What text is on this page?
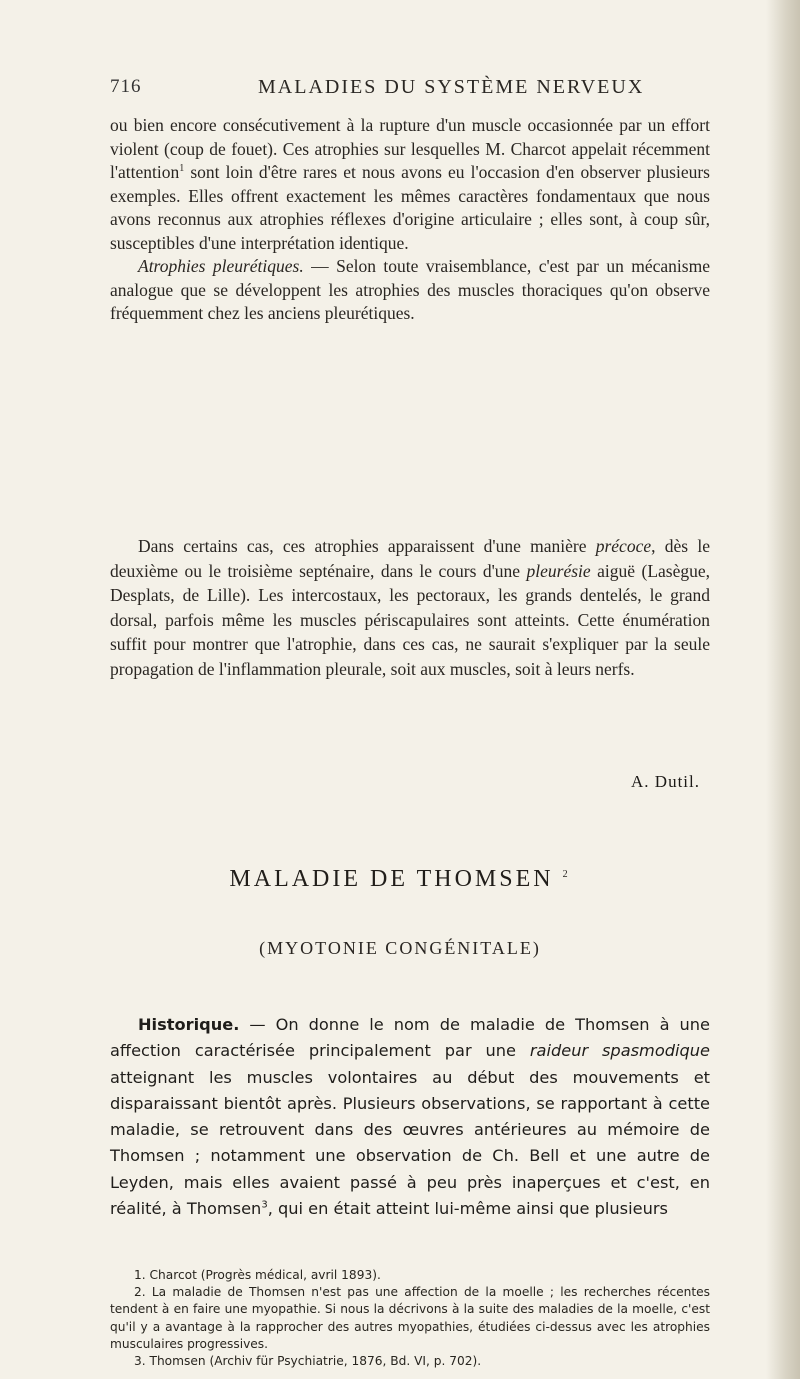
716	MALADIES DU SYSTÈME NERVEUX

ou bien encore consécutivement à la rupture d'un muscle occasionnée par un effort violent (coup de fouet). Ces atrophies sur lesquelles M. Charcot appelait récemment l'attention$^1$ sont loin d'être rares et nous avons eu l'occasion d'en observer plusieurs exemples. Elles offrent exactement les mêmes caractères fondamentaux que nous avons reconnus aux atrophies réflexes d'origine articulaire ; elles sont, à coup sûr, susceptibles d'une interprétation identique.

Atrophies pleurétiques. — Selon toute vraisemblance, c'est par un mécanisme analogue que se développent les atrophies des muscles thoraciques qu'on observe fréquemment chez les anciens pleurétiques.

Dans certains cas, ces atrophies apparaissent d'une manière précoce, dès le deuxième ou le troisième septénaire, dans le cours d'une pleurésie aiguë (Lasègue, Desplats, de Lille). Les intercostaux, les pectoraux, les grands dentelés, le grand dorsal, parfois même les muscles périscapulaires sont atteints. Cette énumération suffit pour montrer que l'atrophie, dans ces cas, ne saurait s'expliquer par la seule propagation de l'inflammation pleurale, soit aux muscles, soit à leurs nerfs.

A. Dutil.
MALADIE DE THOMSEN $^2$
(MYOTONIE CONGÉNITALE)

Historique. — On donne le nom de maladie de Thomsen à une affection caractérisée principalement par une raideur spasmodique atteignant les muscles volontaires au début des mouvements et disparaissant bientôt après. Plusieurs observations, se rapportant à cette maladie, se retrouvent dans des œuvres antérieures au mémoire de Thomsen ; notamment une observation de Ch. Bell et une autre de Leyden, mais elles avaient passé à peu près inaperçues et c'est, en réalité, à Thomsen$^3$, qui en était atteint lui-même ainsi que plusieurs

1. Charcot (Progrès médical, avril 1893).

2. La maladie de Thomsen n'est pas une affection de la moelle ; les recherches récentes tendent à en faire une myopathie. Si nous la décrivons à la suite des maladies de la moelle, c'est qu'il y a avantage à la rapprocher des autres myopathies, étudiées ci-dessus avec les atrophies musculaires progressives.

3. Thomsen (Archiv für Psychiatrie, 1876, Bd. VI, p. 702).
